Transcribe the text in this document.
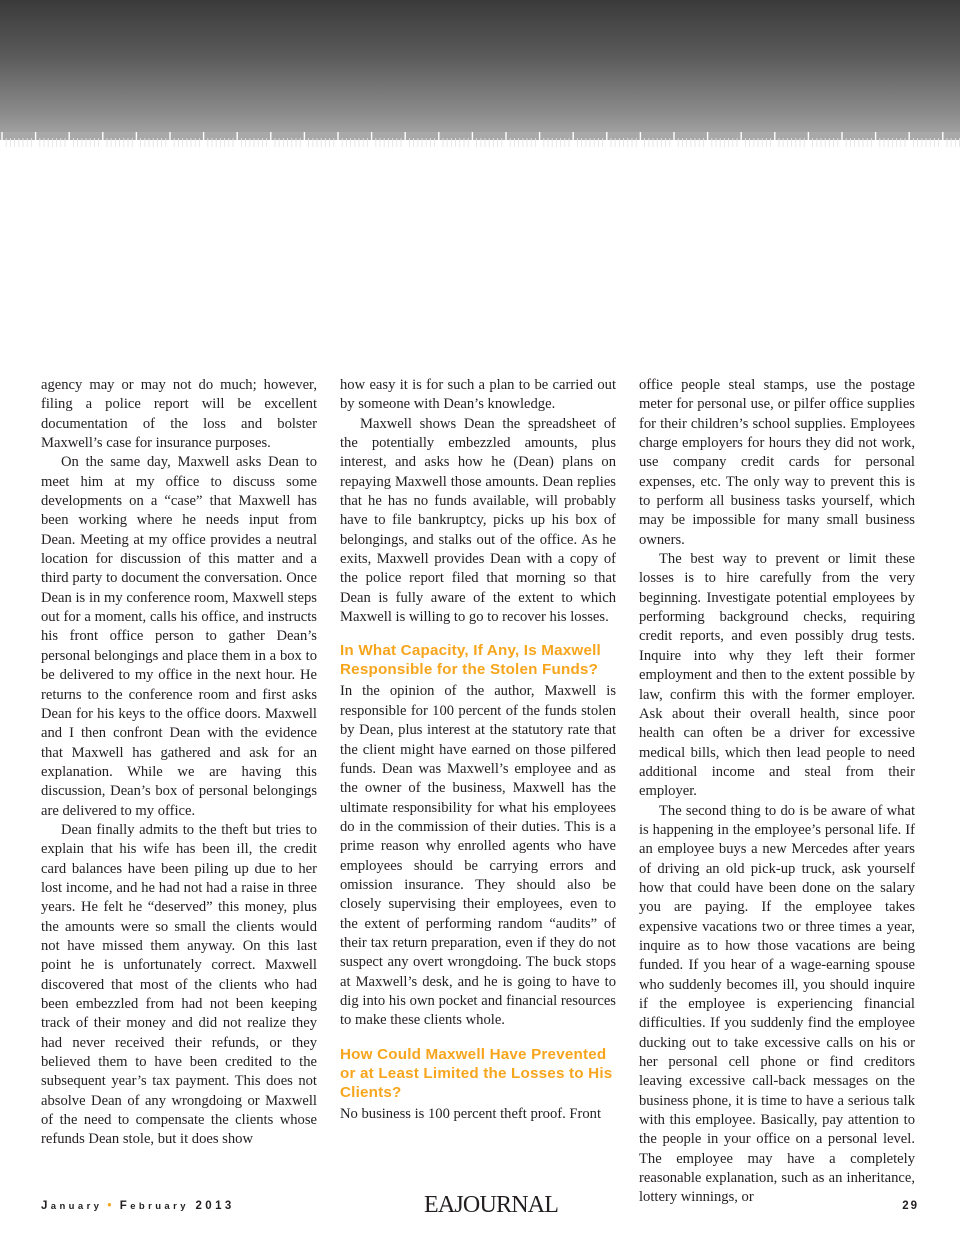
agency may or may not do much; however, filing a police report will be excellent documentation of the loss and bolster Maxwell’s case for insurance purposes.

On the same day, Maxwell asks Dean to meet him at my office to discuss some developments on a “case” that Maxwell has been working where he needs input from Dean. Meeting at my office provides a neutral location for discussion of this matter and a third party to document the conversation. Once Dean is in my conference room, Maxwell steps out for a moment, calls his office, and instructs his front office person to gather Dean’s personal belongings and place them in a box to be delivered to my office in the next hour. He returns to the conference room and first asks Dean for his keys to the office doors. Maxwell and I then confront Dean with the evidence that Maxwell has gathered and ask for an explanation. While we are having this discussion, Dean’s box of personal belongings are delivered to my office.

Dean finally admits to the theft but tries to explain that his wife has been ill, the credit card balances have been piling up due to her lost income, and he had not had a raise in three years. He felt he “deserved” this money, plus the amounts were so small the clients would not have missed them anyway. On this last point he is unfortunately correct. Maxwell discovered that most of the clients who had been embezzled from had not been keeping track of their money and did not realize they had never received their refunds, or they believed them to have been credited to the subsequent year’s tax payment. This does not absolve Dean of any wrongdoing or Maxwell of the need to compensate the clients whose refunds Dean stole, but it does show

how easy it is for such a plan to be carried out by someone with Dean’s knowledge.

Maxwell shows Dean the spreadsheet of the potentially embezzled amounts, plus interest, and asks how he (Dean) plans on repaying Maxwell those amounts. Dean replies that he has no funds available, will probably have to file bankruptcy, picks up his box of belongings, and stalks out of the office. As he exits, Maxwell provides Dean with a copy of the police report filed that morning so that Dean is fully aware of the extent to which Maxwell is willing to go to recover his losses.

In What Capacity, If Any, Is Maxwell Responsible for the Stolen Funds?

In the opinion of the author, Maxwell is responsible for 100 percent of the funds stolen by Dean, plus interest at the statutory rate that the client might have earned on those pilfered funds. Dean was Maxwell’s employee and as the owner of the business, Maxwell has the ultimate responsibility for what his employees do in the commission of their duties. This is a prime reason why enrolled agents who have employees should be carrying errors and omission insurance. They should also be closely supervising their employees, even to the extent of performing random “audits” of their tax return preparation, even if they do not suspect any overt wrongdoing. The buck stops at Maxwell’s desk, and he is going to have to dig into his own pocket and financial resources to make these clients whole.

How Could Maxwell Have Prevented or at Least Limited the Losses to His Clients?

No business is 100 percent theft proof. Front

office people steal stamps, use the postage meter for personal use, or pilfer office supplies for their children’s school supplies. Employees charge employers for hours they did not work, use company credit cards for personal expenses, etc. The only way to prevent this is to perform all business tasks yourself, which may be impossible for many small business owners.

The best way to prevent or limit these losses is to hire carefully from the very beginning. Investigate potential employees by performing background checks, requiring credit reports, and even possibly drug tests. Inquire into why they left their former employment and then to the extent possible by law, confirm this with the former employer. Ask about their overall health, since poor health can often be a driver for excessive medical bills, which then lead people to need additional income and steal from their employer.

The second thing to do is be aware of what is happening in the employee’s personal life. If an employee buys a new Mercedes after years of driving an old pick-up truck, ask yourself how that could have been done on the salary you are paying. If the employee takes expensive vacations two or three times a year, inquire as to how those vacations are being funded. If you hear of a wage-earning spouse who suddenly becomes ill, you should inquire if the employee is experiencing financial difficulties. If you suddenly find the employee ducking out to take excessive calls on his or her personal cell phone or find creditors leaving excessive call-back messages on the business phone, it is time to have a serious talk with this employee. Basically, pay attention to the people in your office on a personal level. The employee may have a completely reasonable explanation, such as an inheritance, lottery winnings, or

January • February 2013	EAJOURNAL	29
